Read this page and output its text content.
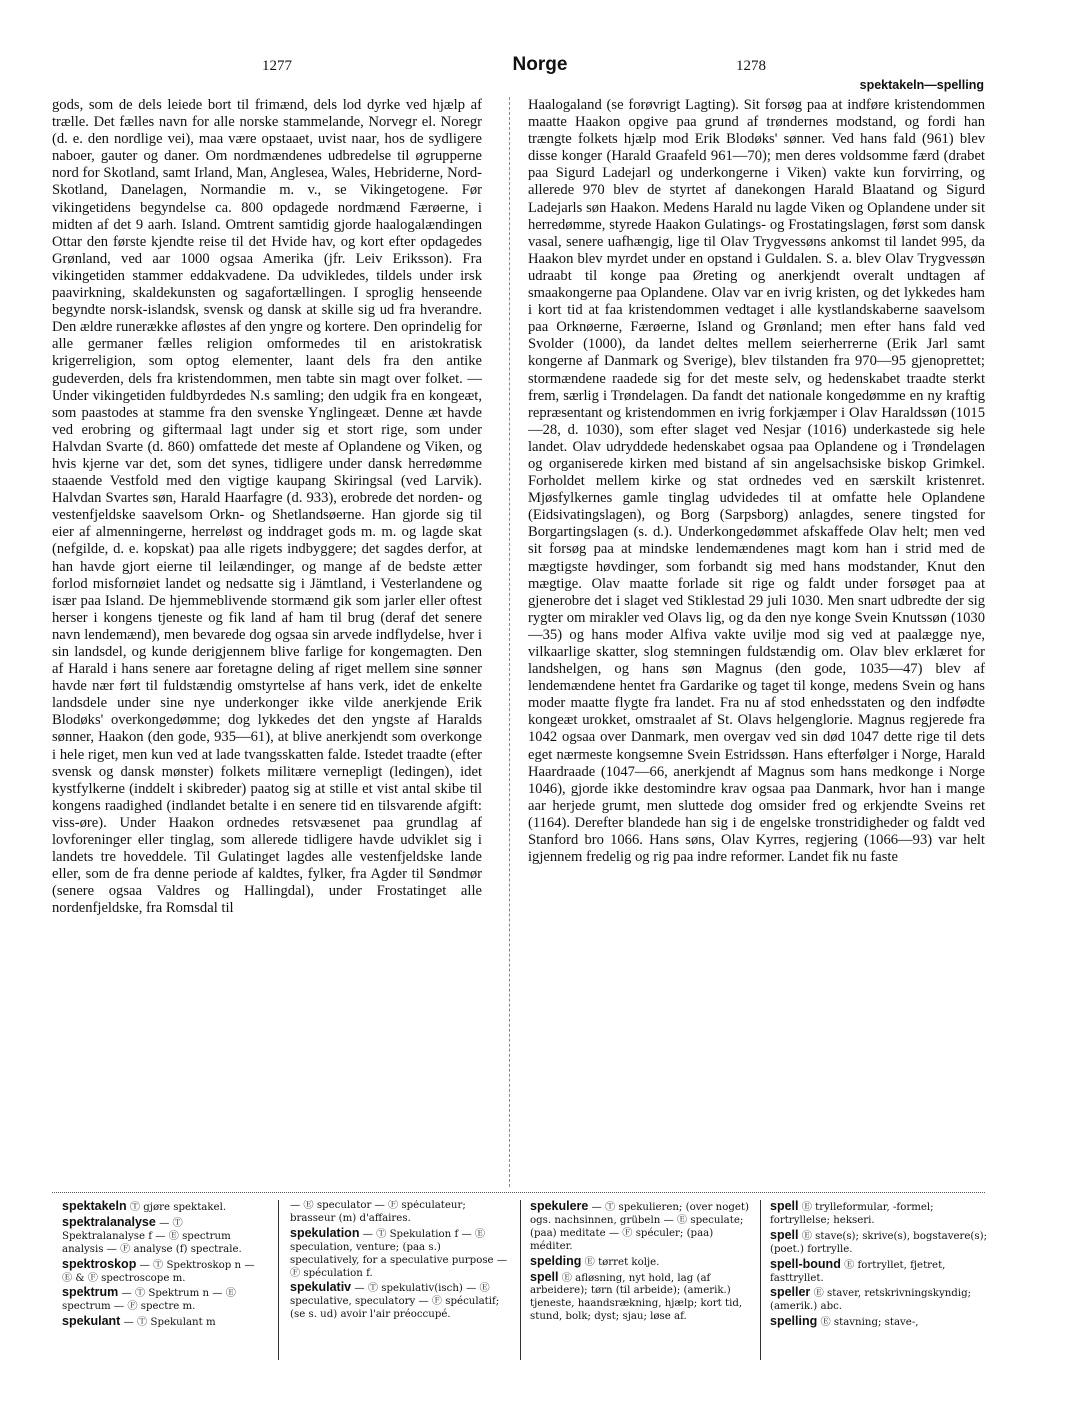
1277	Norge	1278
spektakeln—spelling

gods, som de dels leiede bort til frimænd, dels lod dyrke ved hjælp af trælle. Det fælles navn for alle norske stammelande, Norvegr el. Noregr (d. e. den nordlige vei), maa være opstaaet, uvist naar, hos de sydligere naboer, gauter og daner. Om nordmændenes udbredelse til øgrupperne nord for Skotland, samt Irland, Man, Anglesea, Wales, Hebriderne, Nord-Skotland, Danelagen, Normandie m. v., se Vikingetogene. Før vikingetidens begyndelse ca. 800 opdagede nordmænd Færøerne, i midten af det 9 aarh. Island. Omtrent samtidig gjorde haalogalændingen Ottar den første kjendte reise til det Hvide hav, og kort efter opdagedes Grønland, ved aar 1000 ogsaa Amerika (jfr. Leiv Eriksson). Fra vikingetiden stammer eddakvadene. Da udvikledes, tildels under irsk paavirkning, skaldekunsten og sagafortællingen. I sproglig henseende begyndte norsk-islandsk, svensk og dansk at skille sig ud fra hverandre. Den ældre runerække afløstes af den yngre og kortere. Den oprindelig for alle germaner fælles religion omformedes til en aristokratisk krigerreligion, som optog elementer, laant dels fra den antike gudeverden, dels fra kristendommen, men tabte sin magt over folket. — Under vikingetiden fuldbyrdedes N.s samling; den udgik fra en kongeæt, som paastodes at stamme fra den svenske Ynglingeæt. Denne æt havde ved erobring og giftermaal lagt under sig et stort rige, som under Halvdan Svarte (d. 860) omfattede det meste af Oplandene og Viken, og hvis kjerne var det, som det synes, tidligere under dansk herredømme staaende Vestfold med den vigtige kaupang Skiringsal (ved Larvik). Halvdan Svartes søn, Harald Haarfagre (d. 933), erobrede det norden- og vestenfjeldske saavelsom Orkn- og Shetlandsøerne. Han gjorde sig til eier af almenningerne, herreløst og inddraget gods m. m. og lagde skat (nefgilde, d. e. kopskat) paa alle rigets indbyggere; det sagdes derfor, at han havde gjort eierne til leilændinger, og mange af de bedste ætter forlod misfornøiet landet og nedsatte sig i Jämtland, i Vesterlandene og især paa Island. De hjemmeblivende stormænd gik som jarler eller oftest herser i kongens tjeneste og fik land af ham til brug (deraf det senere navn lendemænd), men bevarede dog ogsaa sin arvede indflydelse, hver i sin landsdel, og kunde derigjennem blive farlige for kongemagten. Den af Harald i hans senere aar foretagne deling af riget mellem sine sønner havde nær ført til fuldstændig omstyrtelse af hans verk, idet de enkelte landsdele under sine nye underkonger ikke vilde anerkjende Erik Blodøks' overkongedømme; dog lykkedes det den yngste af Haralds sønner, Haakon (den gode, 935—61), at blive anerkjendt som overkonge i hele riget, men kun ved at lade tvangsskatten falde. Istedet traadte (efter svensk og dansk mønster) folkets militære vernepligt (ledingen), idet kystfylkerne (inddelt i skibreder) paatog sig at stille et vist antal skibe til kongens raadighed (indlandet betalte i en senere tid en tilsvarende afgift: viss-øre). Under Haakon ordnedes retsvæsenet paa grundlag af lovforeninger eller tinglag, som allerede tidligere havde udviklet sig i landets tre hoveddele. Til Gulatinget lagdes alle vestenfjeldske lande eller, som de fra denne periode af kaldtes, fylker, fra Agder til Søndmør (senere ogsaa Valdres og Hallingdal), under Frostatinget alle nordenfjeldske, fra Romsdal til

Haalogaland (se forøvrigt Lagting). Sit forsøg paa at indføre kristendommen maatte Haakon opgive paa grund af trøndernes modstand, og fordi han trængte folkets hjælp mod Erik Blodøks' sønner. Ved hans fald (961) blev disse konger (Harald Graafeld 961—70); men deres voldsomme færd (drabet paa Sigurd Ladejarl og underkongerne i Viken) vakte kun forvirring, og allerede 970 blev de styrtet af danekongen Harald Blaatand og Sigurd Ladejarls søn Haakon. Medens Harald nu lagde Viken og Oplandene under sit herredømme, styrede Haakon Gulatings- og Frostatingslagen, først som dansk vasal, senere uafhængig, lige til Olav Trygvessøns ankomst til landet 995, da Haakon blev myrdet under en opstand i Guldalen. S. a. blev Olav Trygvessøn udraabt til konge paa Øreting og anerkjendt overalt undtagen af smaakongerne paa Oplandene. Olav var en ivrig kristen, og det lykkedes ham i kort tid at faa kristendommen vedtaget i alle kystlandskaberne saavelsom paa Orknøerne, Færøerne, Island og Grønland; men efter hans fald ved Svolder (1000), da landet deltes mellem seierherrerne (Erik Jarl samt kongerne af Danmark og Sverige), blev tilstanden fra 970—95 gjenoprettet; stormændene raadede sig for det meste selv, og hedenskabet traadte sterkt frem, særlig i Trøndelagen. Da fandt det nationale kongedømme en ny kraftig repræsentant og kristendommen en ivrig forkjæmper i Olav Haraldssøn (1015—28, d. 1030), som efter slaget ved Nesjar (1016) underkastede sig hele landet. Olav udryddede hedenskabet ogsaa paa Oplandene og i Trøndelagen og organiserede kirken med bistand af sin angelsachsiske biskop Grimkel. Forholdet mellem kirke og stat ordnedes ved en særskilt kristenret. Mjøsfylkernes gamle tinglag udvidedes til at omfatte hele Oplandene (Eidsivatingslagen), og Borg (Sarpsborg) anlagdes, senere tingsted for Borgartingslagen (s. d.). Underkongedømmet afskaffede Olav helt; men ved sit forsøg paa at mindske lendemændenes magt kom han i strid med de mægtigste høvdinger, som forbandt sig med hans modstander, Knut den mægtige. Olav maatte forlade sit rige og faldt under forsøget paa at gjenerobre det i slaget ved Stiklestad 29 juli 1030. Men snart udbredte der sig rygter om mirakler ved Olavs lig, og da den nye konge Svein Knutssøn (1030—35) og hans moder Alfiva vakte uvilje mod sig ved at paalægge nye, vilkaarlige skatter, slog stemningen fuldstændig om. Olav blev erklæret for landshelgen, og hans søn Magnus (den gode, 1035—47) blev af lendemændene hentet fra Gardarike og taget til konge, medens Svein og hans moder maatte flygte fra landet. Fra nu af stod enhedsstaten og den indfødte kongeæt urokket, omstraalet af St. Olavs helgenglorie. Magnus regjerede fra 1042 ogsaa over Danmark, men overgav ved sin død 1047 dette rige til dets eget nærmeste kongsemne Svein Estridssøn. Hans efterfølger i Norge, Harald Haardraade (1047—66, anerkjendt af Magnus som hans medkonge i Norge 1046), gjorde ikke destomindre krav ogsaa paa Danmark, hvor han i mange aar herjede grumt, men sluttede dog omsider fred og erkjendte Sveins ret (1164). Derefter blandede han sig i de engelske tronstridigheder og faldt ved Stanford bro 1066. Hans søns, Olav Kyrres, regjering (1066—93) var helt igjennem fredelig og rig paa indre reformer. Landet fik nu faste

spektakeln Ⓣ gjøre spektakel.
spektralanalyse — Ⓣ Spektralanalyse f — Ⓔ spectrum analysis — Ⓕ analyse (f) spectrale.
spektroskop — Ⓣ Spektroskop n — Ⓔ & Ⓕ spectroscope m.
spektrum — Ⓣ Spektrum n — Ⓔ spectrum — Ⓕ spectre m.
spekulant — Ⓣ Spekulant m
— Ⓔ speculator — Ⓕ spéculateur; brasseur (m) d'affaires.
spekulation — Ⓣ Spekulation f — Ⓔ speculation, venture; (paa s.) speculatively, for a speculative purpose — Ⓕ spéculation f.
spekulativ — Ⓣ spekulativ(isch) — Ⓔ speculative, speculatory — Ⓕ spéculatif; (se s. ud) avoir l'air préoccupé.
spekulere — Ⓣ spekulieren; (over noget) ogs. nachsinnen, grübeln — Ⓔ speculate; (paa) meditate — Ⓕ spéculer; (paa) méditer.
spelding Ⓔ tørret kolje.
spell Ⓔ afløsning, nyt hold, lag (af arbeidere); tørn (til arbeide); (amerik.) tjeneste, haandsrækning, hjælp; kort tid, stund, bolk; dyst; sjau; løse af.
spell Ⓔ trylleformular, -formel; fortryllelse; hekseri.
spell Ⓔ stave(s); skrive(s), bogstavere(s); (poet.) fortrylle.
spell-bound Ⓔ fortryllet, fjetret, fasttryllet.
speller Ⓔ staver, retskrivningskyndig; (amerik.) abc.
spelling Ⓔ stavning; stave-,
